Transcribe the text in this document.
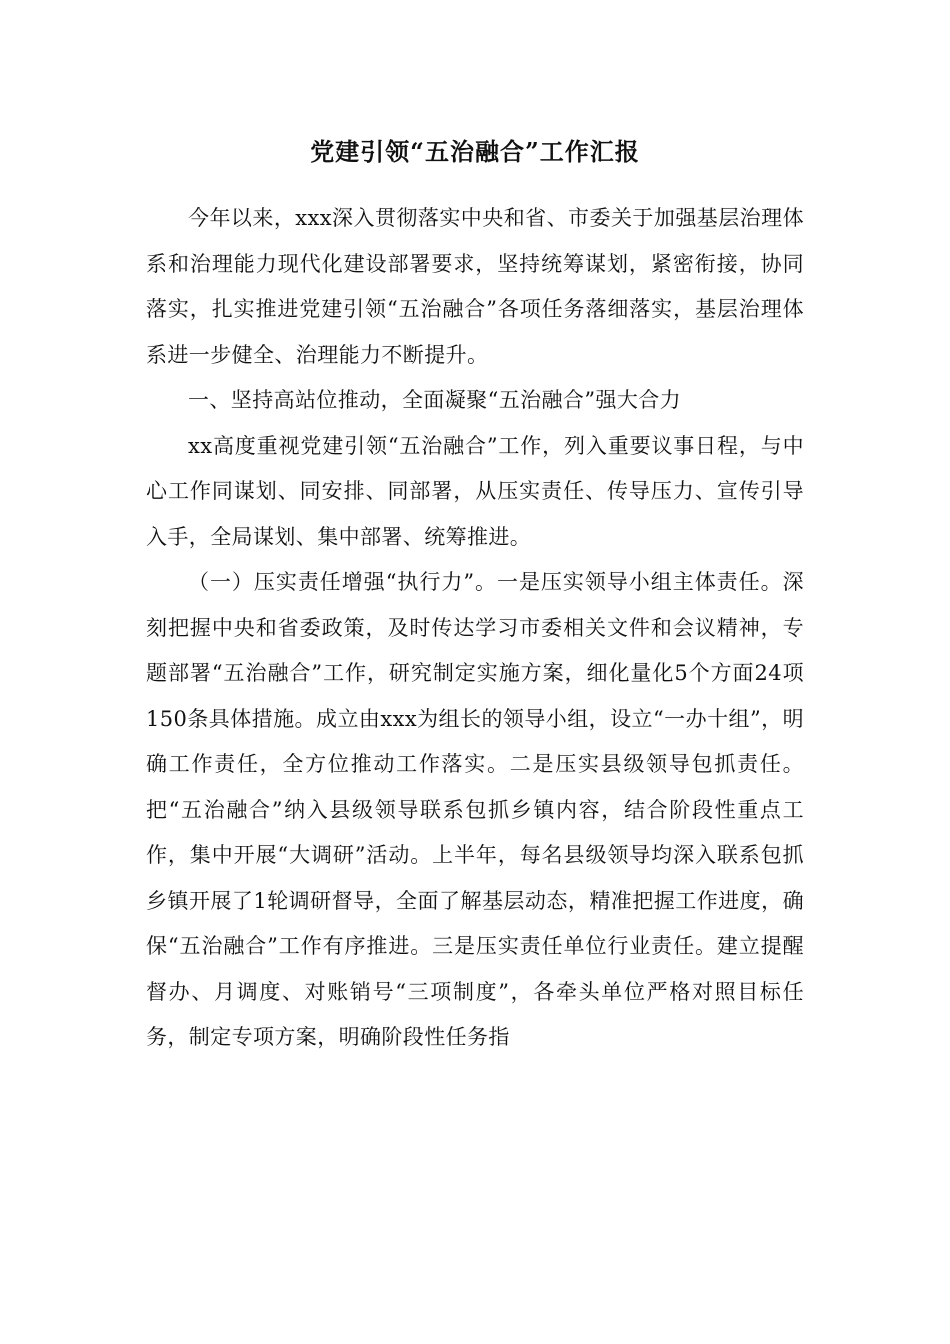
党建引领“五治融合”工作汇报

今年以来，xxx深入贯彻落实中央和省、市委关于加强基层治理体系和治理能力现代化建设部署要求，坚持统筹谋划，紧密衔接，协同落实，扎实推进党建引领“五治融合”各项任务落细落实，基层治理体系进一步健全、治理能力不断提升。

一、坚持高站位推动，全面凝聚“五治融合”强大合力

xx高度重视党建引领“五治融合”工作，列入重要议事日程，与中心工作同谋划、同安排、同部署，从压实责任、传导压力、宣传引导入手，全局谋划、集中部署、统筹推进。

（一）压实责任增强“执行力”。一是压实领导小组主体责任。深刻把握中央和省委政策，及时传达学习市委相关文件和会议精神，专题部署“五治融合”工作，研究制定实施方案，细化量化5个方面24项150条具体措施。成立由xxx为组长的领导小组，设立“一办十组”，明确工作责任，全方位推动工作落实。二是压实县级领导包抓责任。把“五治融合”纳入县级领导联系包抓乡镇内容，结合阶段性重点工作，集中开展“大调研”活动。上半年，每名县级领导均深入联系包抓乡镇开展了1轮调研督导，全面了解基层动态，精准把握工作进度，确保“五治融合”工作有序推进。三是压实责任单位行业责任。建立提醒督办、月调度、对账销号“三项制度”，各牵头单位严格对照目标任务，制定专项方案，明确阶段性任务指
